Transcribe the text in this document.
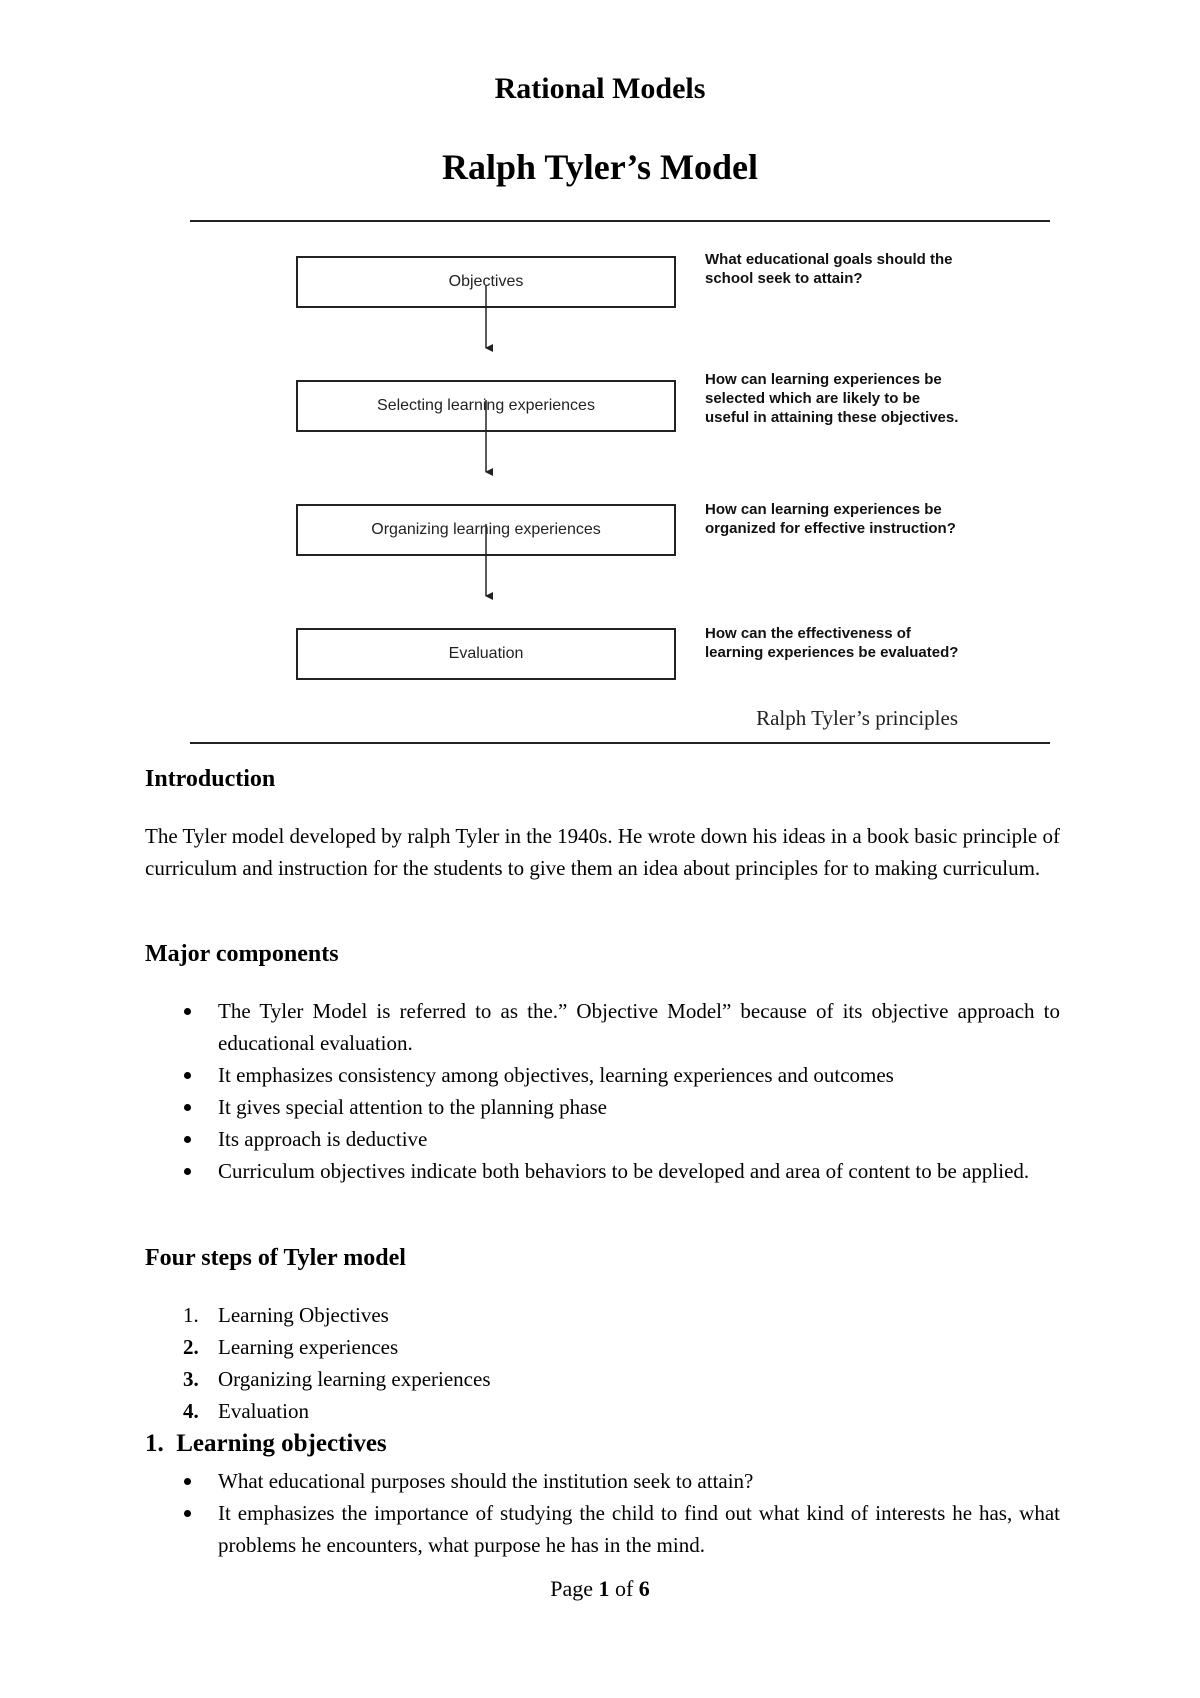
Rational Models
Ralph Tyler’s Model
Objectives
What educational goals should the school seek to attain?
Selecting learning experiences
How can learning experiences be selected which are likely to be useful in attaining these objectives.
Organizing learning experiences
How can learning experiences be organized for effective instruction?
Evaluation
How can the effectiveness of learning experiences be evaluated?
Ralph Tyler’s principles
Introduction

The Tyler model developed by ralph Tyler in the 1940s. He wrote down his ideas in a book basic principle of curriculum and instruction for the students to give them an idea about principles for to making curriculum.

Major components
The Tyler Model is referred to as the.” Objective Model” because of its objective approach to educational evaluation.
It emphasizes consistency among objectives, learning experiences and outcomes
It gives special attention to the planning phase
Its approach is deductive
Curriculum objectives indicate both behaviors to be developed and area of content to be applied.
Four steps of Tyler model
1. Learning Objectives
2. Learning experiences
3. Organizing learning experiences
4. Evaluation
1.  Learning objectives
What educational purposes should the institution seek to attain?
It emphasizes the importance of studying the child to find out what kind of interests he has, what problems he encounters, what purpose he has in the mind.
Page 1 of 6
